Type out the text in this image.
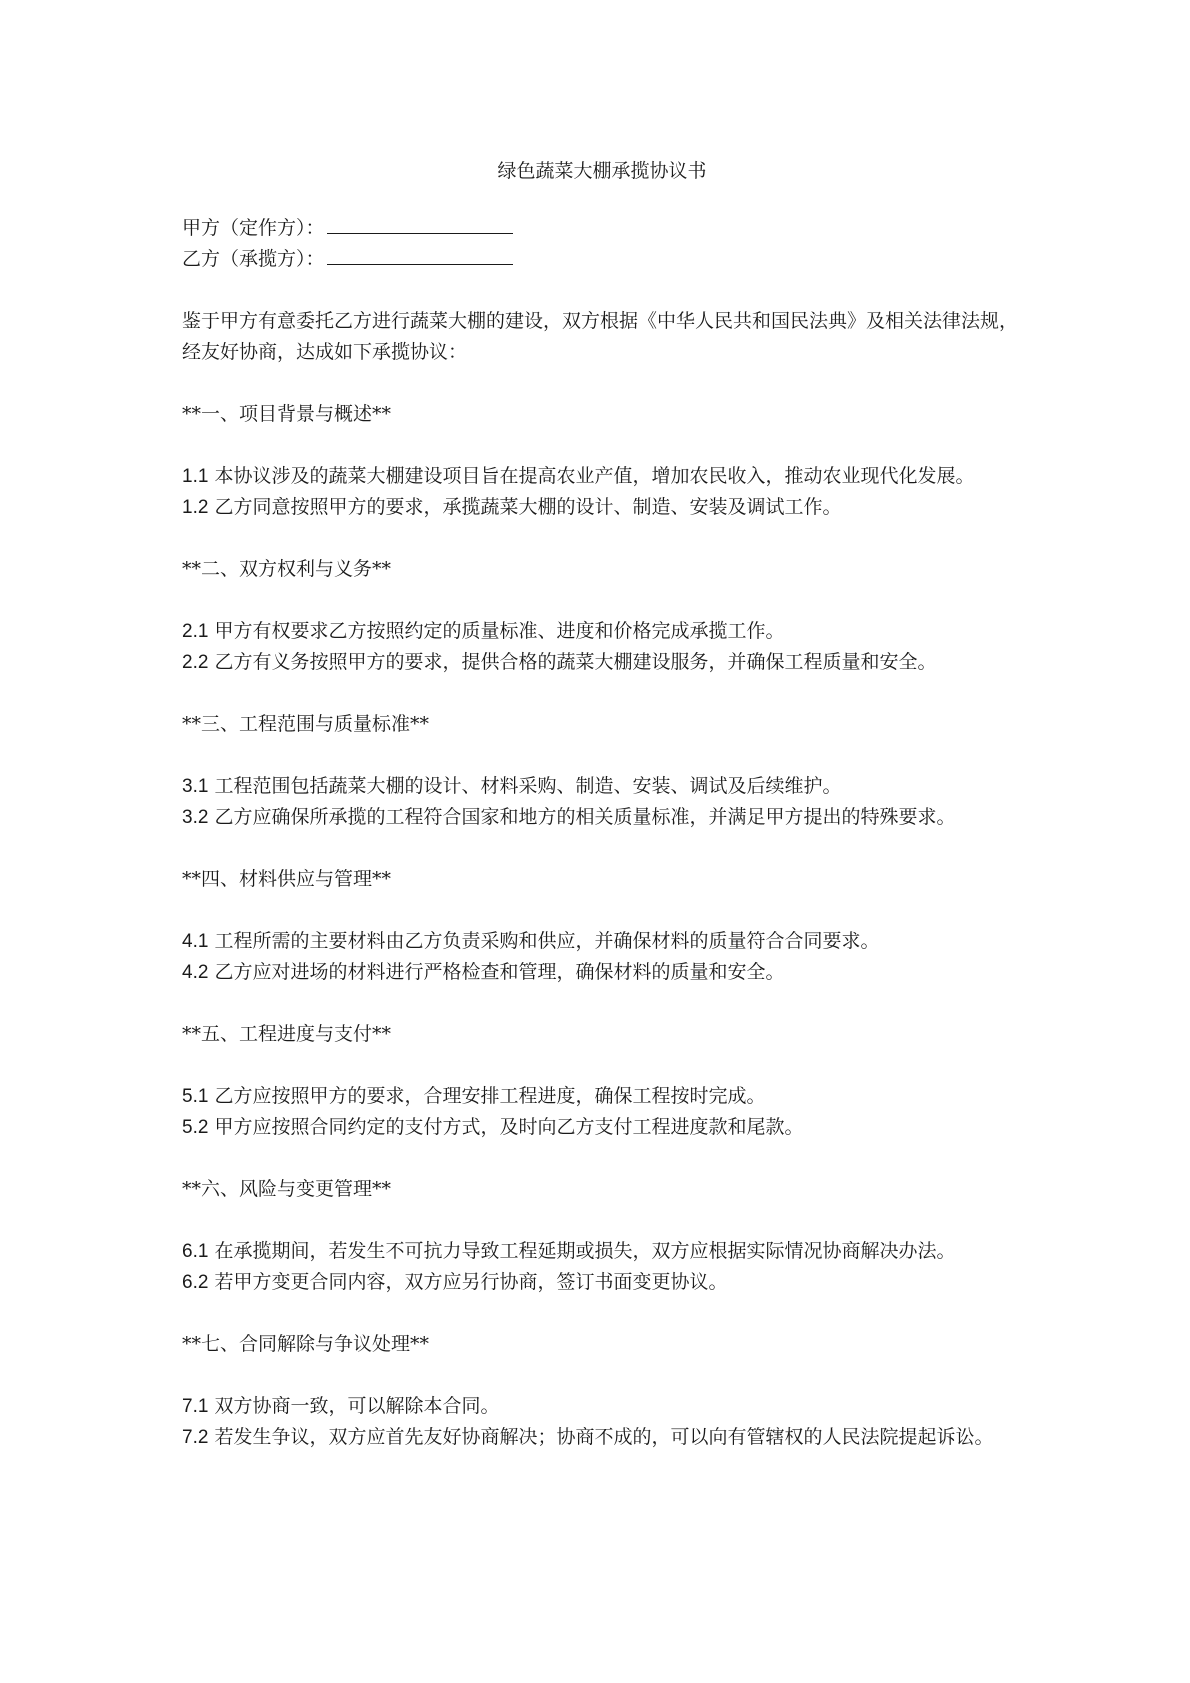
绿色蔬菜大棚承揽协议书

甲方（定作方）：

乙方（承揽方）：

鉴于甲方有意委托乙方进行蔬菜大棚的建设，双方根据《中华人民共和国民法典》及相关法律法规，经友好协商，达成如下承揽协议：

**一、项目背景与概述**

1.1 本协议涉及的蔬菜大棚建设项目旨在提高农业产值，增加农民收入，推动农业现代化发展。

1.2 乙方同意按照甲方的要求，承揽蔬菜大棚的设计、制造、安装及调试工作。

**二、双方权利与义务**

2.1 甲方有权要求乙方按照约定的质量标准、进度和价格完成承揽工作。

2.2 乙方有义务按照甲方的要求，提供合格的蔬菜大棚建设服务，并确保工程质量和安全。

**三、工程范围与质量标准**

3.1 工程范围包括蔬菜大棚的设计、材料采购、制造、安装、调试及后续维护。

3.2 乙方应确保所承揽的工程符合国家和地方的相关质量标准，并满足甲方提出的特殊要求。

**四、材料供应与管理**

4.1 工程所需的主要材料由乙方负责采购和供应，并确保材料的质量符合合同要求。

4.2 乙方应对进场的材料进行严格检查和管理，确保材料的质量和安全。

**五、工程进度与支付**

5.1 乙方应按照甲方的要求，合理安排工程进度，确保工程按时完成。

5.2 甲方应按照合同约定的支付方式，及时向乙方支付工程进度款和尾款。

**六、风险与变更管理**

6.1 在承揽期间，若发生不可抗力导致工程延期或损失，双方应根据实际情况协商解决办法。

6.2 若甲方变更合同内容，双方应另行协商，签订书面变更协议。

**七、合同解除与争议处理**

7.1 双方协商一致，可以解除本合同。

7.2 若发生争议，双方应首先友好协商解决；协商不成的，可以向有管辖权的人民法院提起诉讼。
